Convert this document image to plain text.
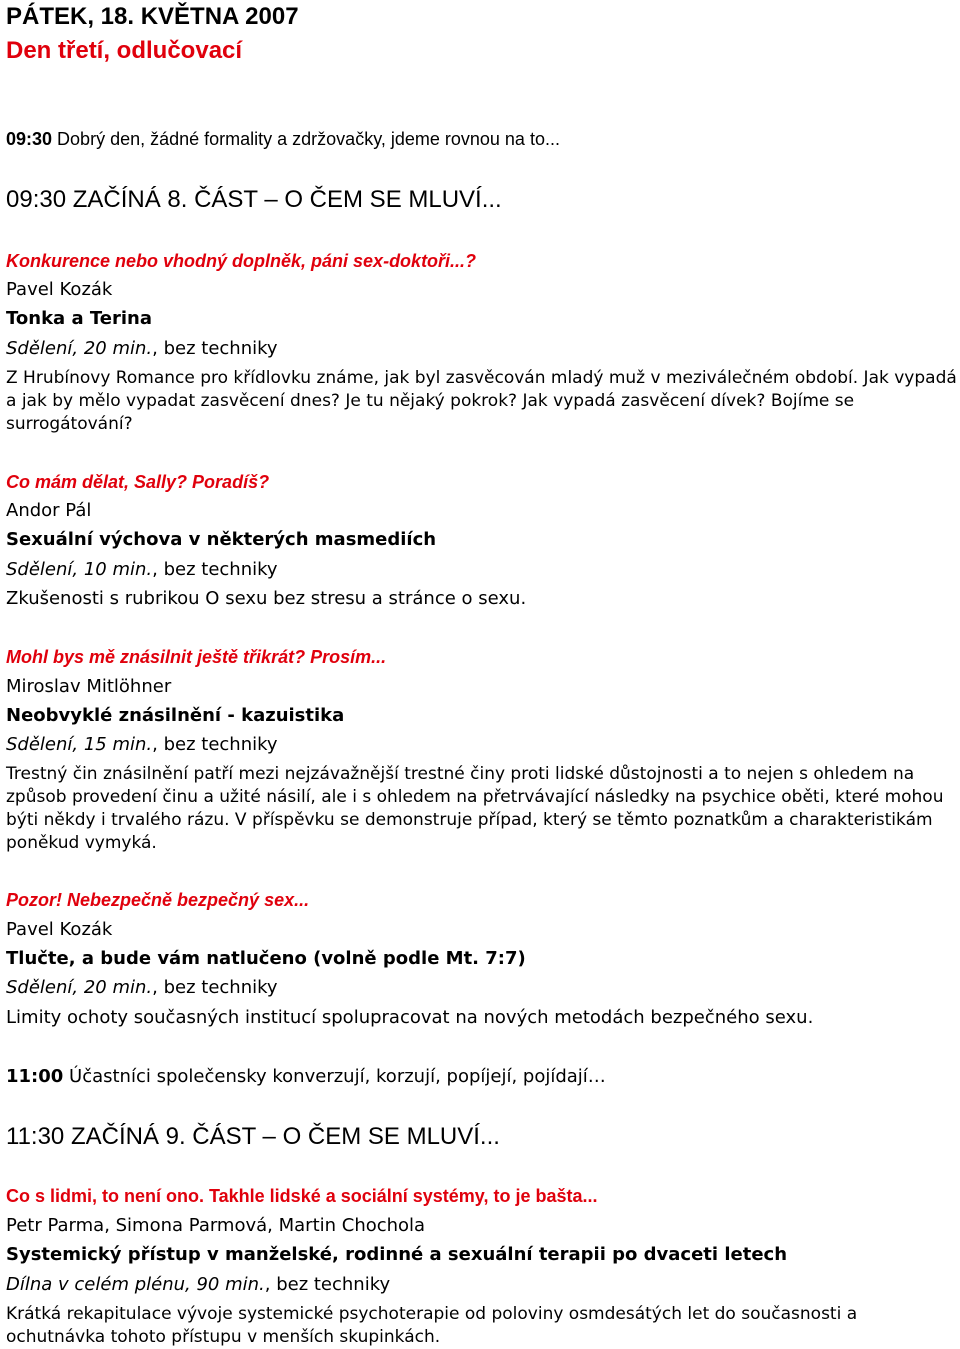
PÁTEK, 18. KVĚTNA 2007

Den třetí, odlučovací

09:30 Dobrý den, žádné formality a zdržovačky, jdeme rovnou na to...

09:30 ZAČÍNÁ 8. ČÁST – O ČEM SE MLUVÍ...

Konkurence nebo vhodný doplněk, páni sex-doktoři...?

Pavel Kozák

Tonka a Terina

Sdělení, 20 min., bez techniky

Z Hrubínovy Romance pro křídlovku známe, jak byl zasvěcován mladý muž v meziválečném období. Jak vypadá a jak by mělo vypadat zasvěcení dnes? Je tu nějaký pokrok? Jak vypadá zasvěcení dívek? Bojíme se surrogátování?

Co mám dělat, Sally? Poradíš?

Andor Pál

Sexuální výchova v některých masmediích

Sdělení, 10 min., bez techniky

Zkušenosti s rubrikou O sexu bez stresu a stránce o sexu.

Mohl bys mě znásilnit ještě třikrát? Prosím...

Miroslav Mitlöhner

Neobvyklé znásilnění - kazuistika

Sdělení, 15 min., bez techniky

Trestný čin znásilnění patří mezi nejzávažnější trestné činy proti lidské důstojnosti a to nejen s ohledem na způsob provedení činu a užité násilí, ale i s ohledem na přetrvávající následky na psychice oběti, které mohou býti někdy i trvalého rázu. V příspěvku se demonstruje případ, který se těmto poznatkům a charakteristikám poněkud vymyká.

Pozor! Nebezpečně bezpečný sex...

Pavel Kozák

Tlučte, a bude vám natlučeno (volně podle Mt. 7:7)

Sdělení, 20 min., bez techniky

Limity ochoty současných institucí spolupracovat na nových metodách bezpečného sexu.

11:00 Účastníci společensky konverzují, korzují, popíjejí, pojídají…

11:30 ZAČÍNÁ 9. ČÁST – O ČEM SE MLUVÍ...

Co s lidmi, to není ono. Takhle lidské a sociální systémy, to je bašta...

Petr Parma, Simona Parmová, Martin Chochola

Systemický přístup v manželské, rodinné a sexuální terapii po dvaceti letech

Dílna v celém plénu, 90 min., bez techniky

Krátká rekapitulace vývoje systemické psychoterapie od poloviny osmdesátých let do současnosti a ochutnávka tohoto přístupu v menších skupinkách.
